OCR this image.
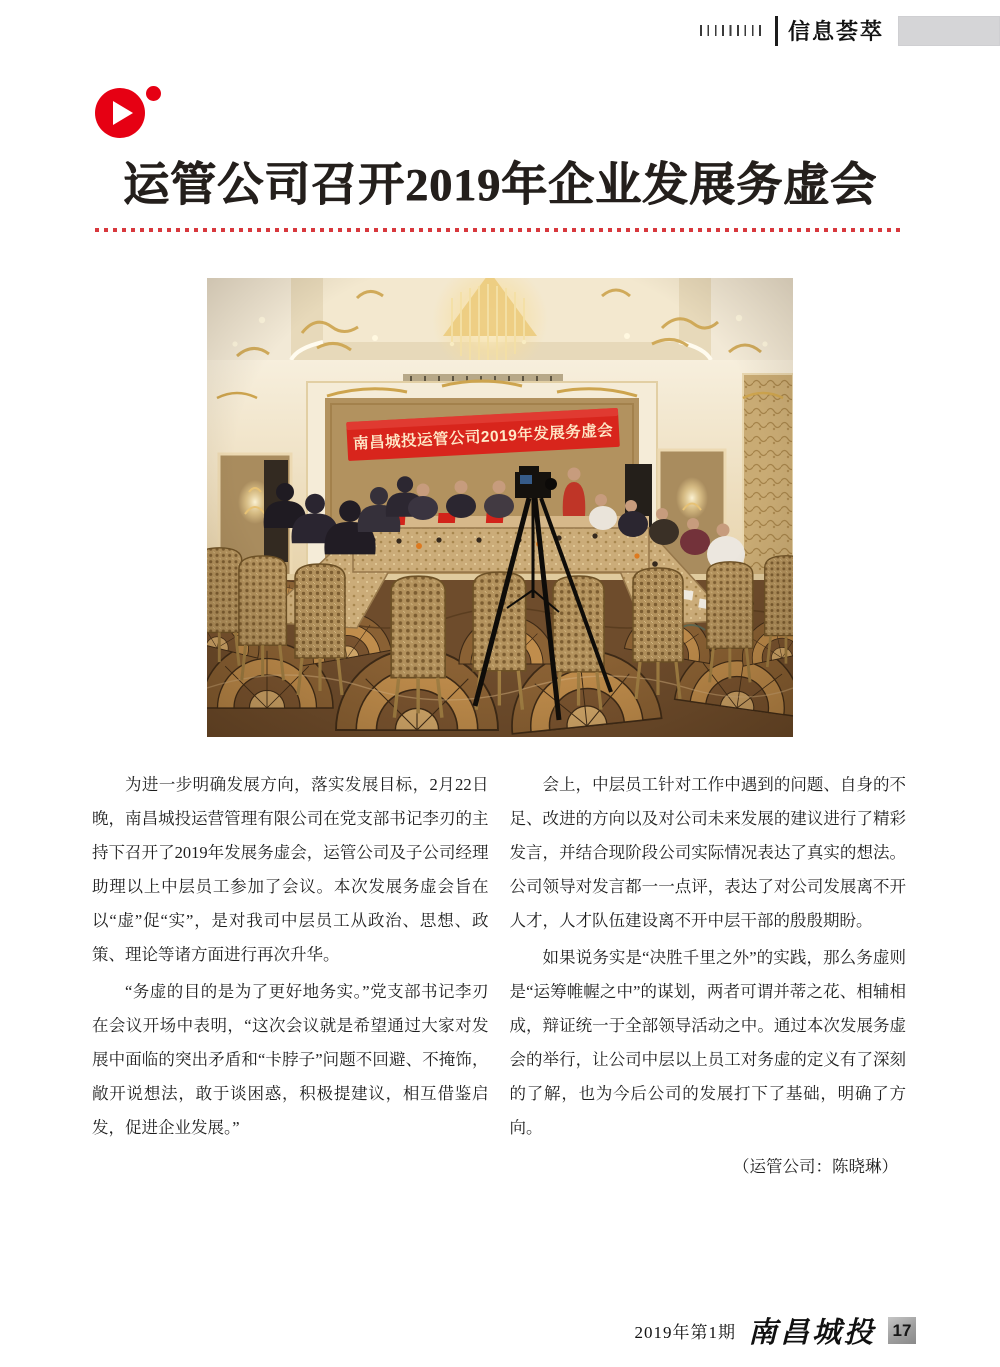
信息荟萃
运管公司召开2019年企业发展务虚会

为进一步明确发展方向，落实发展目标，2月22日晚，南昌城投运营管理有限公司在党支部书记李刃的主持下召开了2019年发展务虚会，运管公司及子公司经理助理以上中层员工参加了会议。本次发展务虚会旨在以“虚”促“实”，是对我司中层员工从政治、思想、政策、理论等诸方面进行再次升华。

“务虚的目的是为了更好地务实。”党支部书记李刃在会议开场中表明，“这次会议就是希望通过大家对发展中面临的突出矛盾和“卡脖子”问题不回避、不掩饰，敞开说想法，敢于谈困惑，积极提建议，相互借鉴启发，促进企业发展。”

会上，中层员工针对工作中遇到的问题、自身的不足、改进的方向以及对公司未来发展的建议进行了精彩发言，并结合现阶段公司实际情况表达了真实的想法。公司领导对发言都一一点评，表达了对公司发展离不开人才，人才队伍建设离不开中层干部的殷殷期盼。

如果说务实是“决胜千里之外”的实践，那么务虚则是“运筹帷幄之中”的谋划，两者可谓并蒂之花、相辅相成，辩证统一于全部领导活动之中。通过本次发展务虚会的举行，让公司中层以上员工对务虚的定义有了深刻的了解，也为今后公司的发展打下了基础，明确了方向。

（运管公司：陈晓琳）
2019年第1期 南昌城投 17
